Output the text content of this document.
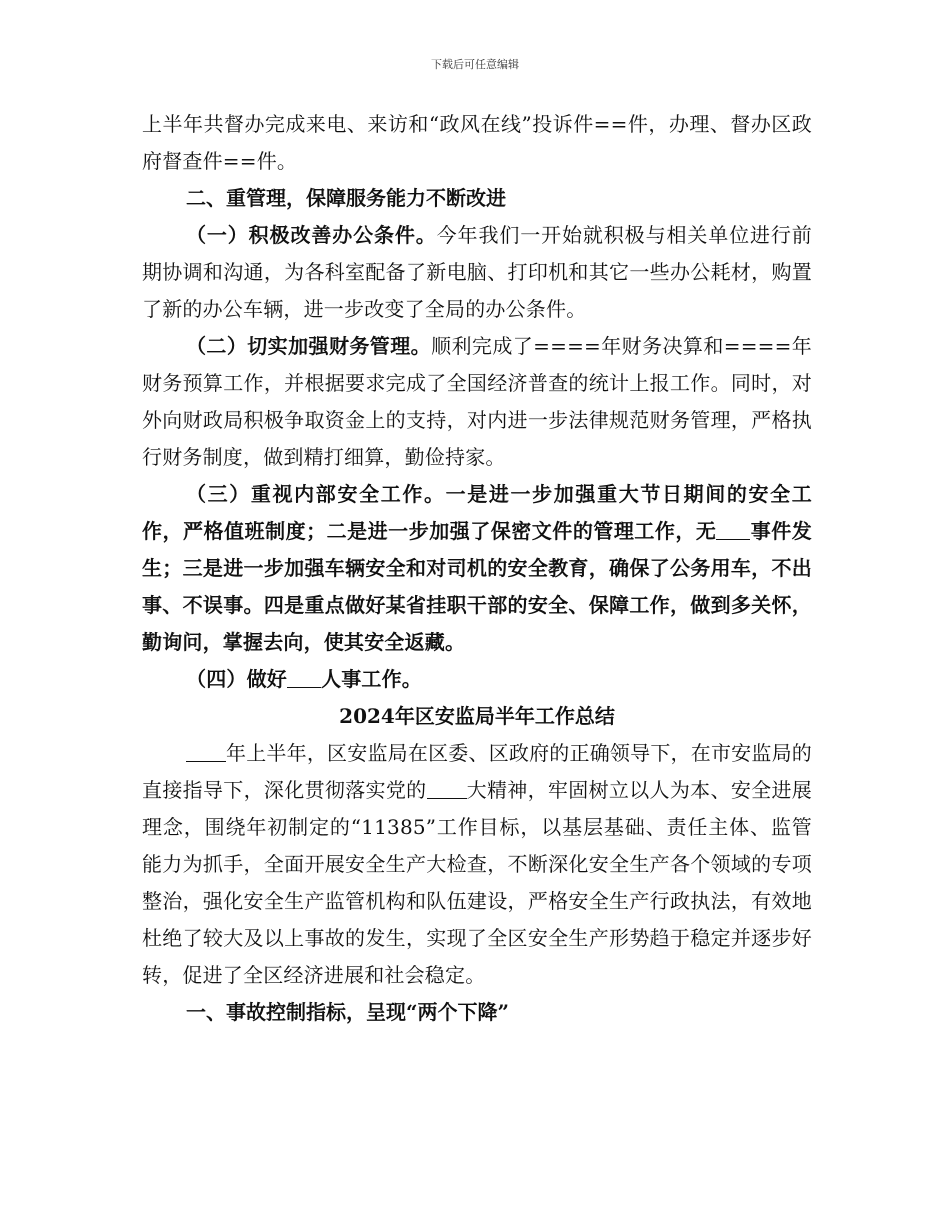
下载后可任意编辑

上半年共督办完成来电、来访和“政风在线”投诉件==件，办理、督办区政府督查件==件。

二、重管理，保障服务能力不断改进

（一）积极改善办公条件。今年我们一开始就积极与相关单位进行前期协调和沟通，为各科室配备了新电脑、打印机和其它一些办公耗材，购置了新的办公车辆，进一步改变了全局的办公条件。

（二）切实加强财务管理。顺利完成了====年财务决算和====年财务预算工作，并根据要求完成了全国经济普查的统计上报工作。同时，对外向财政局积极争取资金上的支持，对内进一步法律规范财务管理，严格执行财务制度，做到精打细算，勤俭持家。

（三）重视内部安全工作。一是进一步加强重大节日期间的安全工作，严格值班制度；二是进一步加强了保密文件的管理工作，无 事件发生；三是进一步加强车辆安全和对司机的安全教育，确保了公务用车，不出事、不误事。四是重点做好某省挂职干部的安全、保障工作，做到多关怀，勤询问，掌握去向，使其安全返藏。

（四）做好 人事工作。

2024年区安监局半年工作总结

年上半年，区安监局在区委、区政府的正确领导下，在市安监局的直接指导下，深化贯彻落实党的 大精神，牢固树立以人为本、安全进展理念，围绕年初制定的“11385”工作目标，以基层基础、责任主体、监管能力为抓手，全面开展安全生产大检查，不断深化安全生产各个领域的专项整治，强化安全生产监管机构和队伍建设，严格安全生产行政执法，有效地杜绝了较大及以上事故的发生，实现了全区安全生产形势趋于稳定并逐步好转，促进了全区经济进展和社会稳定。

一、事故控制指标，呈现“两个下降”
